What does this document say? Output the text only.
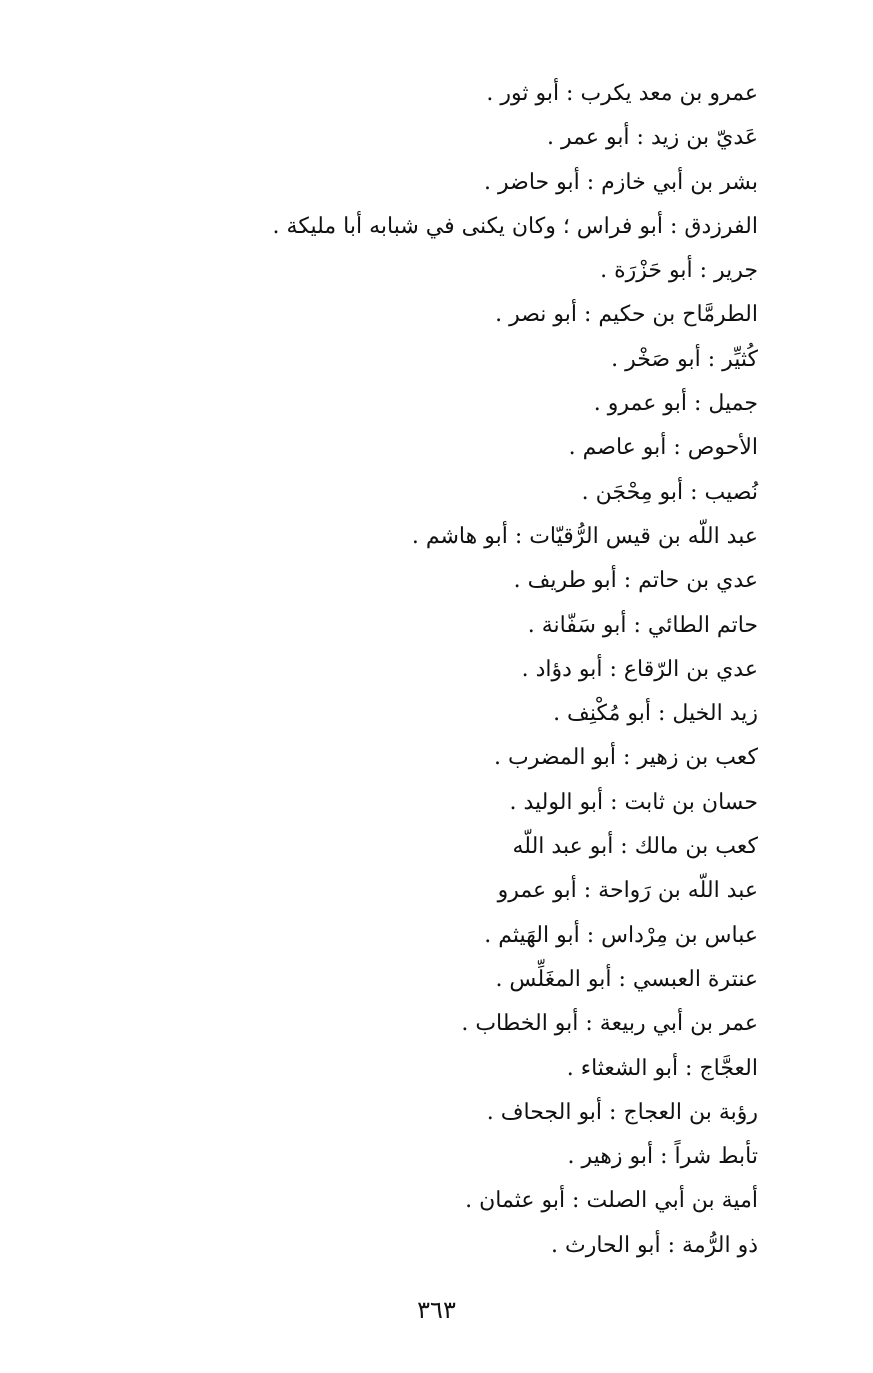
عمرو بن معد يكرب : أبو ثور .
عَديّ بن زيد : أبو عمر .
بشر بن أبي خازم : أبو حاضر .
الفرزدق : أبو فراس ؛ وكان يكنى في شبابه أبا مليكة .
جرير : أبو حَزْرَة .
الطرمَّاح بن حكيم : أبو نصر .
كُثيِّر : أبو صَخْر .
جميل : أبو عمرو .
الأحوص : أبو عاصم .
نُصيب : أبو مِحْجَن .
عبد اللّه بن قيس الرُّقيّات : أبو هاشم .
عدي بن حاتم : أبو طريف .
حاتم الطائي : أبو سَفّانة .
عدي بن الرّقاع : أبو دؤاد .
زيد الخيل : أبو مُكْنِف .
كعب بن زهير : أبو المضرب .
حسان بن ثابت : أبو الوليد .
كعب بن مالك : أبو عبد اللّه
عبد اللّه بن رَواحة : أبو عمرو
عباس بن مِرْداس : أبو الهَيثم .
عنترة العبسي : أبو المغَلِّس .
عمر بن أبي ربيعة : أبو الخطاب .
العجَّاج : أبو الشعثاء .
رؤبة بن العجاج : أبو الجحاف .
تأبط شراً : أبو زهير .
أمية بن أبي الصلت : أبو عثمان .
ذو الرُّمة : أبو الحارث .
٣٦٣
